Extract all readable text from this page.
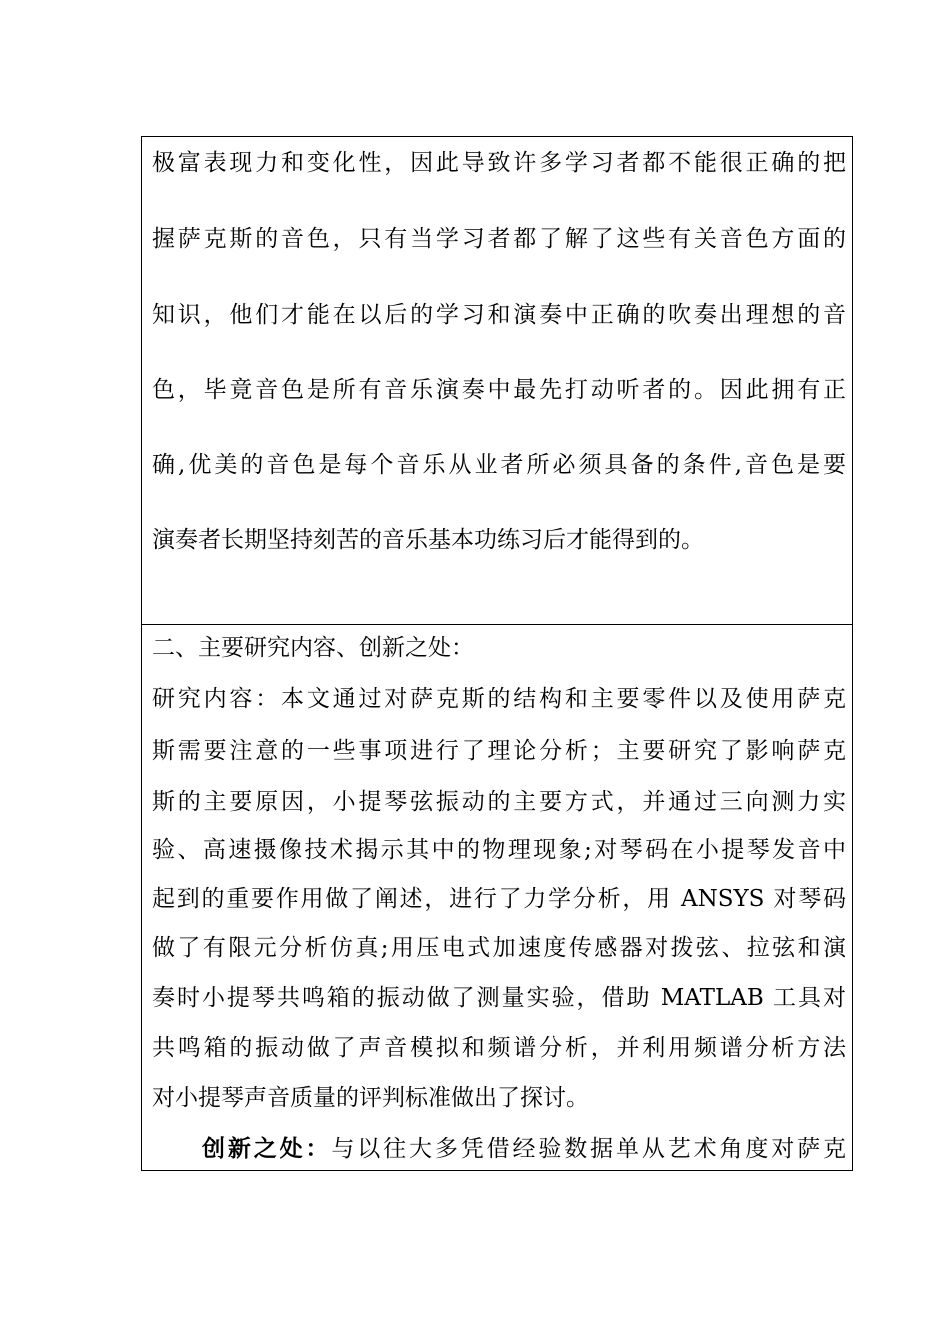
极富表现力和变化性，因此导致许多学习者都不能很正确的把

握萨克斯的音色，只有当学习者都了解了这些有关音色方面的

知识，他们才能在以后的学习和演奏中正确的吹奏出理想的音

色，毕竟音色是所有音乐演奏中最先打动听者的。因此拥有正

确,优美的音色是每个音乐从业者所必须具备的条件,音色是要

演奏者长期坚持刻苦的音乐基本功练习后才能得到的。

二、主要研究内容、创新之处：

研究内容：本文通过对萨克斯的结构和主要零件以及使用萨克

斯需要注意的一些事项进行了理论分析；主要研究了影响萨克

斯的主要原因，小提琴弦振动的主要方式，并通过三向测力实

验、高速摄像技术揭示其中的物理现象;对琴码在小提琴发音中

起到的重要作用做了阐述，进行了力学分析，用 ANSYS 对琴码

做了有限元分析仿真;用压电式加速度传感器对拨弦、拉弦和演

奏时小提琴共鸣箱的振动做了测量实验，借助 MATLAB 工具对

共鸣箱的振动做了声音模拟和频谱分析，并利用频谱分析方法

对小提琴声音质量的评判标准做出了探讨。

创新之处：与以往大多凭借经验数据单从艺术角度对萨克
